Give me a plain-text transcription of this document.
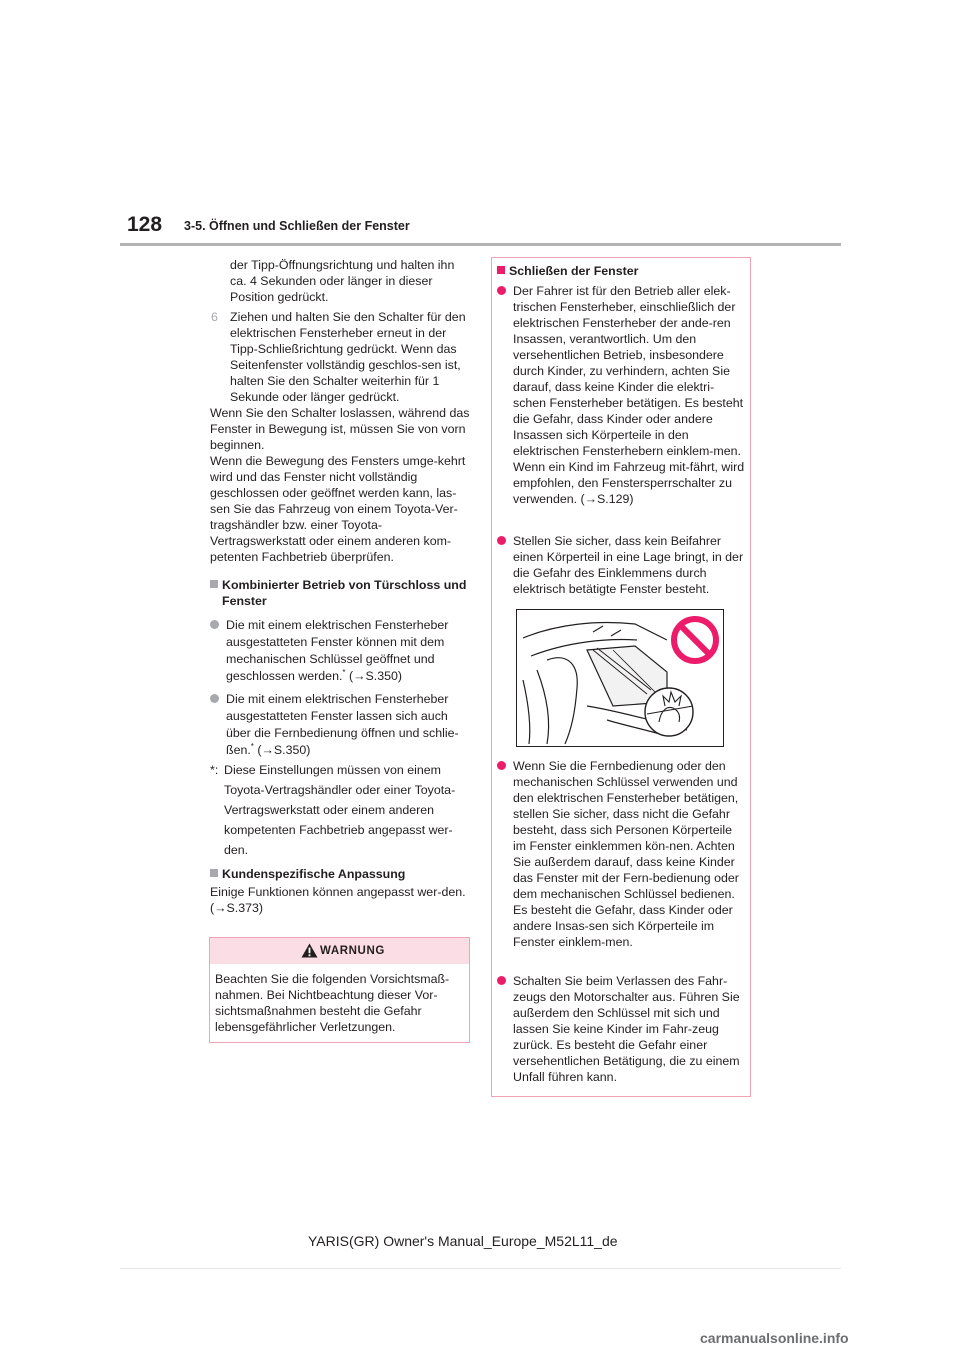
128 3-5. Öffnen und Schließen der Fenster
der Tipp-Öffnungsrichtung und halten ihn ca. 4 Sekunden oder länger in dieser Position gedrückt.
6 Ziehen und halten Sie den Schalter für den elektrischen Fensterheber erneut in der Tipp-Schließrichtung gedrückt. Wenn das Seitenfenster vollständig geschlos-sen ist, halten Sie den Schalter weiterhin für 1 Sekunde oder länger gedrückt.

Wenn Sie den Schalter loslassen, während das Fenster in Bewegung ist, müssen Sie von vorn beginnen.

Wenn die Bewegung des Fensters umge-kehrt wird und das Fenster nicht vollständig geschlossen oder geöffnet werden kann, las-sen Sie das Fahrzeug von einem Toyota-Ver-tragshändler bzw. einer Toyota-Vertragswerkstatt oder einem anderen kom-petenten Fachbetrieb überprüfen.

Kombinierter Betrieb von Türschloss und Fenster
Die mit einem elektrischen Fensterheber ausgestatteten Fenster können mit dem mechanischen Schlüssel geöffnet und geschlossen werden.* (→S.350)
Die mit einem elektrischen Fensterheber ausgestatteten Fenster lassen sich auch über die Fernbedienung öffnen und schlie-ßen.* (→S.350)
*: Diese Einstellungen müssen von einem Toyota-Vertragshändler oder einer Toyota-Vertragswerkstatt oder einem anderen kompetenten Fachbetrieb angepasst wer-den.
Kundenspezifische Anpassung
Einige Funktionen können angepasst wer-den. (→S.373)
WARNUNG
Beachten Sie die folgenden Vorsichtsmaß-nahmen. Bei Nichtbeachtung dieser Vor-sichtsmaßnahmen besteht die Gefahr lebensgefährlicher Verletzungen.
Schließen der Fenster
Der Fahrer ist für den Betrieb aller elek-trischen Fensterheber, einschließlich der elektrischen Fensterheber der ande-ren Insassen, verantwortlich. Um den versehentlichen Betrieb, insbesondere durch Kinder, zu verhindern, achten Sie darauf, dass keine Kinder die elektri-schen Fensterheber betätigen. Es besteht die Gefahr, dass Kinder oder andere Insassen sich Körperteile in den elektrischen Fensterhebern einklem-men. Wenn ein Kind im Fahrzeug mit-fährt, wird empfohlen, den Fenstersperrschalter zu verwenden. (→S.129)
Stellen Sie sicher, dass kein Beifahrer einen Körperteil in eine Lage bringt, in der die Gefahr des Einklemmens durch elektrisch betätigte Fenster besteht.
Wenn Sie die Fernbedienung oder den mechanischen Schlüssel verwenden und den elektrischen Fensterheber betätigen, stellen Sie sicher, dass nicht die Gefahr besteht, dass sich Personen Körperteile im Fenster einklemmen kön-nen. Achten Sie außerdem darauf, dass keine Kinder das Fenster mit der Fern-bedienung oder dem mechanischen Schlüssel bedienen. Es besteht die Gefahr, dass Kinder oder andere Insas-sen sich Körperteile im Fenster einklem-men.
Schalten Sie beim Verlassen des Fahr-zeugs den Motorschalter aus. Führen Sie außerdem den Schlüssel mit sich und lassen Sie keine Kinder im Fahr-zeug zurück. Es besteht die Gefahr einer versehentlichen Betätigung, die zu einem Unfall führen kann.
YARIS(GR) Owner's Manual_Europe_M52L11_de
carmanualsonline.info
